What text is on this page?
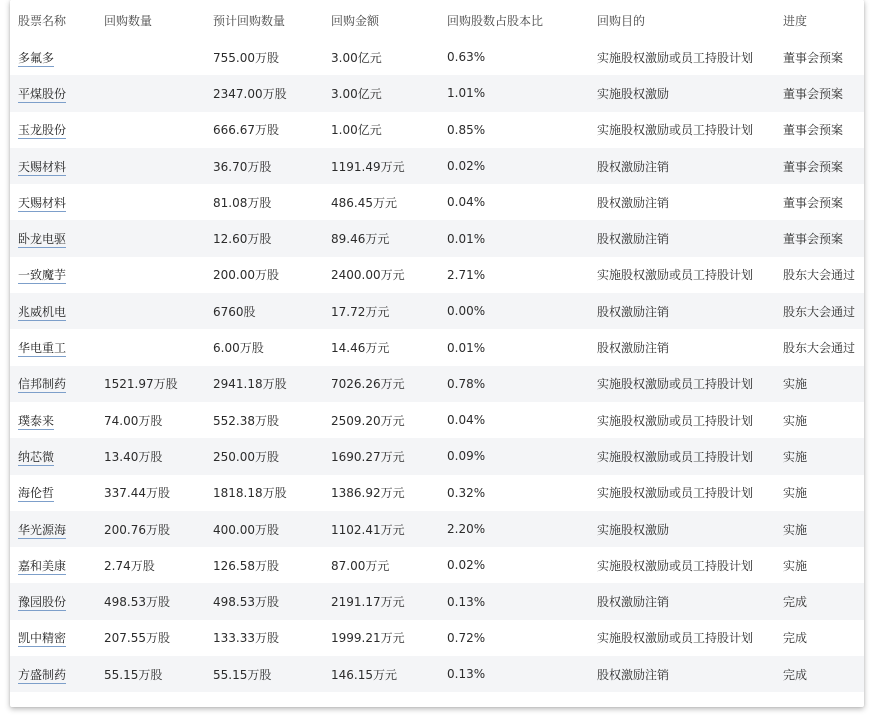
股票名称	回购数量	预计回购数量	回购金额	回购股数占股本比	回购目的	进度
多氟多		755.00万股	3.00亿元	0.63%	实施股权激励或员工持股计划	董事会预案
平煤股份		2347.00万股	3.00亿元	1.01%	实施股权激励	董事会预案
玉龙股份		666.67万股	1.00亿元	0.85%	实施股权激励或员工持股计划	董事会预案
天赐材料		36.70万股	1191.49万元	0.02%	股权激励注销	董事会预案
天赐材料		81.08万股	486.45万元	0.04%	股权激励注销	董事会预案
卧龙电驱		12.60万股	89.46万元	0.01%	股权激励注销	董事会预案
一致魔芋		200.00万股	2400.00万元	2.71%	实施股权激励或员工持股计划	股东大会通过
兆威机电		6760股	17.72万元	0.00%	股权激励注销	股东大会通过
华电重工		6.00万股	14.46万元	0.01%	股权激励注销	股东大会通过
信邦制药	1521.97万股	2941.18万股	7026.26万元	0.78%	实施股权激励或员工持股计划	实施
璞泰来	74.00万股	552.38万股	2509.20万元	0.04%	实施股权激励或员工持股计划	实施
纳芯微	13.40万股	250.00万股	1690.27万元	0.09%	实施股权激励或员工持股计划	实施
海伦哲	337.44万股	1818.18万股	1386.92万元	0.32%	实施股权激励或员工持股计划	实施
华光源海	200.76万股	400.00万股	1102.41万元	2.20%	实施股权激励	实施
嘉和美康	2.74万股	126.58万股	87.00万元	0.02%	实施股权激励或员工持股计划	实施
豫园股份	498.53万股	498.53万股	2191.17万元	0.13%	股权激励注销	完成
凯中精密	207.55万股	133.33万股	1999.21万元	0.72%	实施股权激励或员工持股计划	完成
方盛制药	55.15万股	55.15万股	146.15万元	0.13%	股权激励注销	完成
